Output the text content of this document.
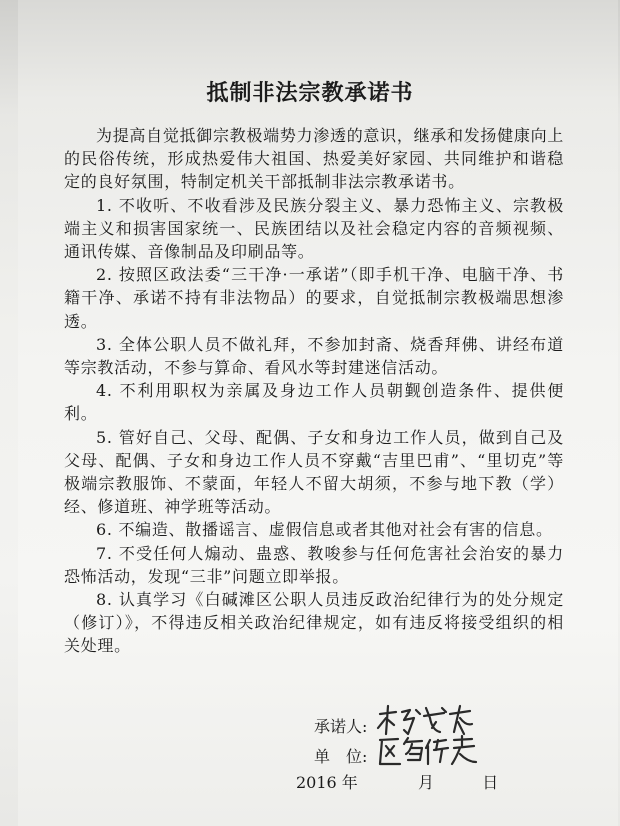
抵制非法宗教承诺书

为提高自觉抵御宗教极端势力渗透的意识，继承和发扬健康向上的民俗传统，形成热爱伟大祖国、热爱美好家园、共同维护和谐稳定的良好氛围，特制定机关干部抵制非法宗教承诺书。

1. 不收听、不收看涉及民族分裂主义、暴力恐怖主义、宗教极端主义和损害国家统一、民族团结以及社会稳定内容的音频视频、通讯传媒、音像制品及印刷品等。

2. 按照区政法委“三干净·一承诺”（即手机干净、电脑干净、书籍干净、承诺不持有非法物品）的要求，自觉抵制宗教极端思想渗透。

3. 全体公职人员不做礼拜，不参加封斋、烧香拜佛、讲经布道等宗教活动，不参与算命、看风水等封建迷信活动。

4. 不利用职权为亲属及身边工作人员朝觐创造条件、提供便利。

5. 管好自己、父母、配偶、子女和身边工作人员，做到自己及父母、配偶、子女和身边工作人员不穿戴“吉里巴甫”、“里切克”等极端宗教服饰、不蒙面，年轻人不留大胡须，不参与地下教（学）经、修道班、神学班等活动。

6. 不编造、散播谣言、虚假信息或者其他对社会有害的信息。

7. 不受任何人煽动、蛊惑、教唆参与任何危害社会治安的暴力恐怖活动，发现“三非”问题立即举报。

8. 认真学习《白碱滩区公职人员违反政治纪律行为的处分规定（修订）》，不得违反相关政治纪律规定，如有违反将接受组织的相关处理。

承诺人:
单　位:
2016 年	月	日
